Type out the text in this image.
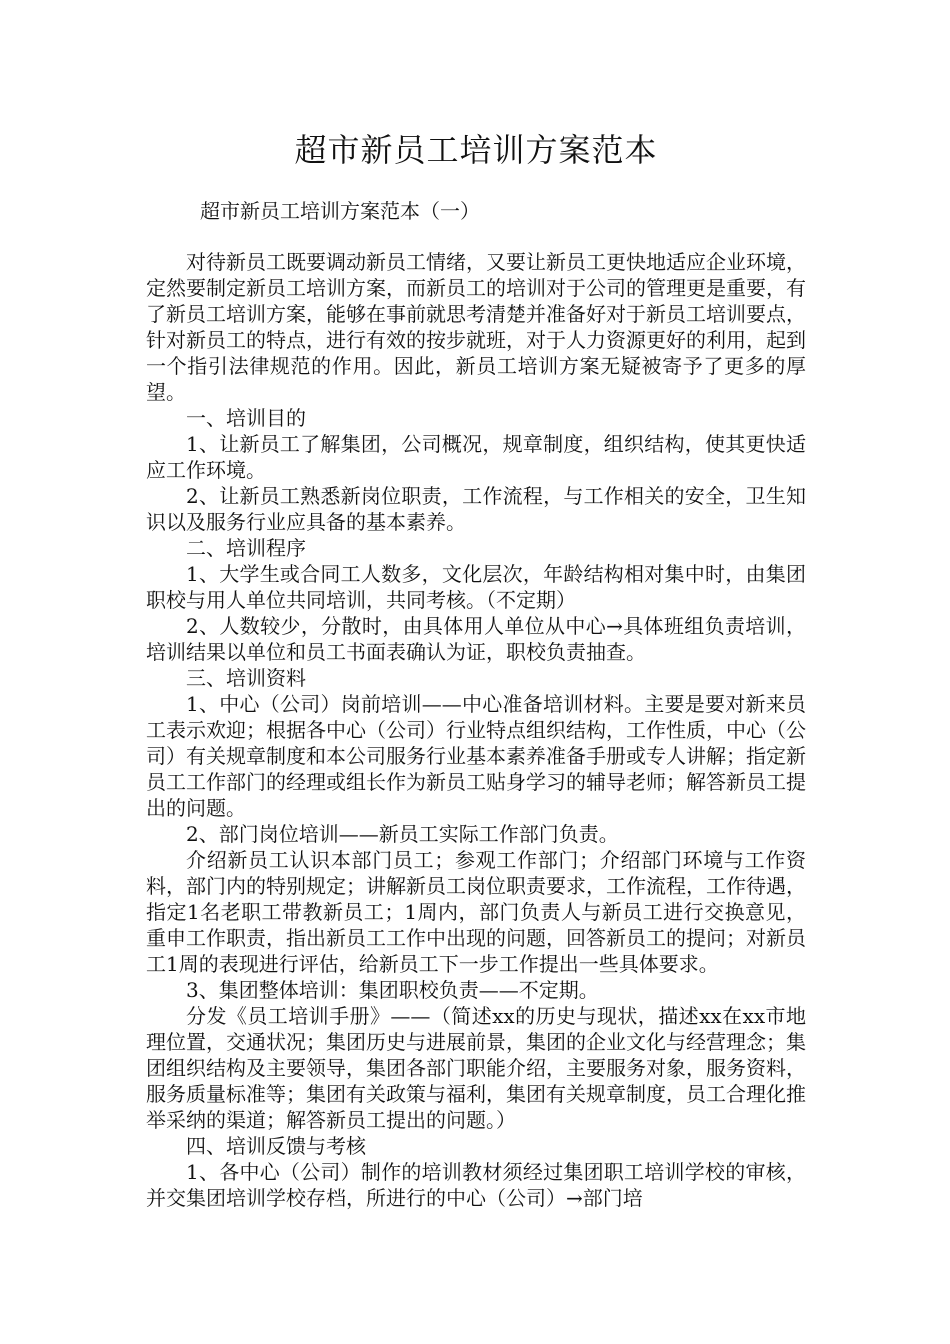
超市新员工培训方案范本

超市新员工培训方案范本（一）

对待新员工既要调动新员工情绪，又要让新员工更快地适应企业环境，定然要制定新员工培训方案，而新员工的培训对于公司的管理更是重要，有了新员工培训方案，能够在事前就思考清楚并准备好对于新员工培训要点，针对新员工的特点，进行有效的按步就班，对于人力资源更好的利用，起到一个指引法律规范的作用。因此，新员工培训方案无疑被寄予了更多的厚望。

一、培训目的

1、让新员工了解集团，公司概况，规章制度，组织结构，使其更快适应工作环境。

2、让新员工熟悉新岗位职责，工作流程，与工作相关的安全，卫生知识以及服务行业应具备的基本素养。

二、培训程序

1、大学生或合同工人数多，文化层次，年龄结构相对集中时，由集团职校与用人单位共同培训，共同考核。（不定期）

2、人数较少，分散时，由具体用人单位从中心→具体班组负责培训，培训结果以单位和员工书面表确认为证，职校负责抽查。

三、培训资料

1、中心（公司）岗前培训——中心准备培训材料。主要是要对新来员工表示欢迎；根据各中心（公司）行业特点组织结构，工作性质，中心（公司）有关规章制度和本公司服务行业基本素养准备手册或专人讲解；指定新员工工作部门的经理或组长作为新员工贴身学习的辅导老师；解答新员工提出的问题。

2、部门岗位培训——新员工实际工作部门负责。

介绍新员工认识本部门员工；参观工作部门；介绍部门环境与工作资料，部门内的特别规定；讲解新员工岗位职责要求，工作流程，工作待遇，指定1名老职工带教新员工；1周内，部门负责人与新员工进行交换意见，重申工作职责，指出新员工工作中出现的问题，回答新员工的提问；对新员工1周的表现进行评估，给新员工下一步工作提出一些具体要求。

3、集团整体培训：集团职校负责——不定期。

分发《员工培训手册》——（简述xx的历史与现状，描述xx在xx市地理位置，交通状况；集团历史与进展前景，集团的企业文化与经营理念；集团组织结构及主要领导，集团各部门职能介绍，主要服务对象，服务资料，服务质量标准等；集团有关政策与福利，集团有关规章制度，员工合理化推举采纳的渠道；解答新员工提出的问题。）

四、培训反馈与考核

1、各中心（公司）制作的培训教材须经过集团职工培训学校的审核，并交集团培训学校存档，所进行的中心（公司）→部门培
